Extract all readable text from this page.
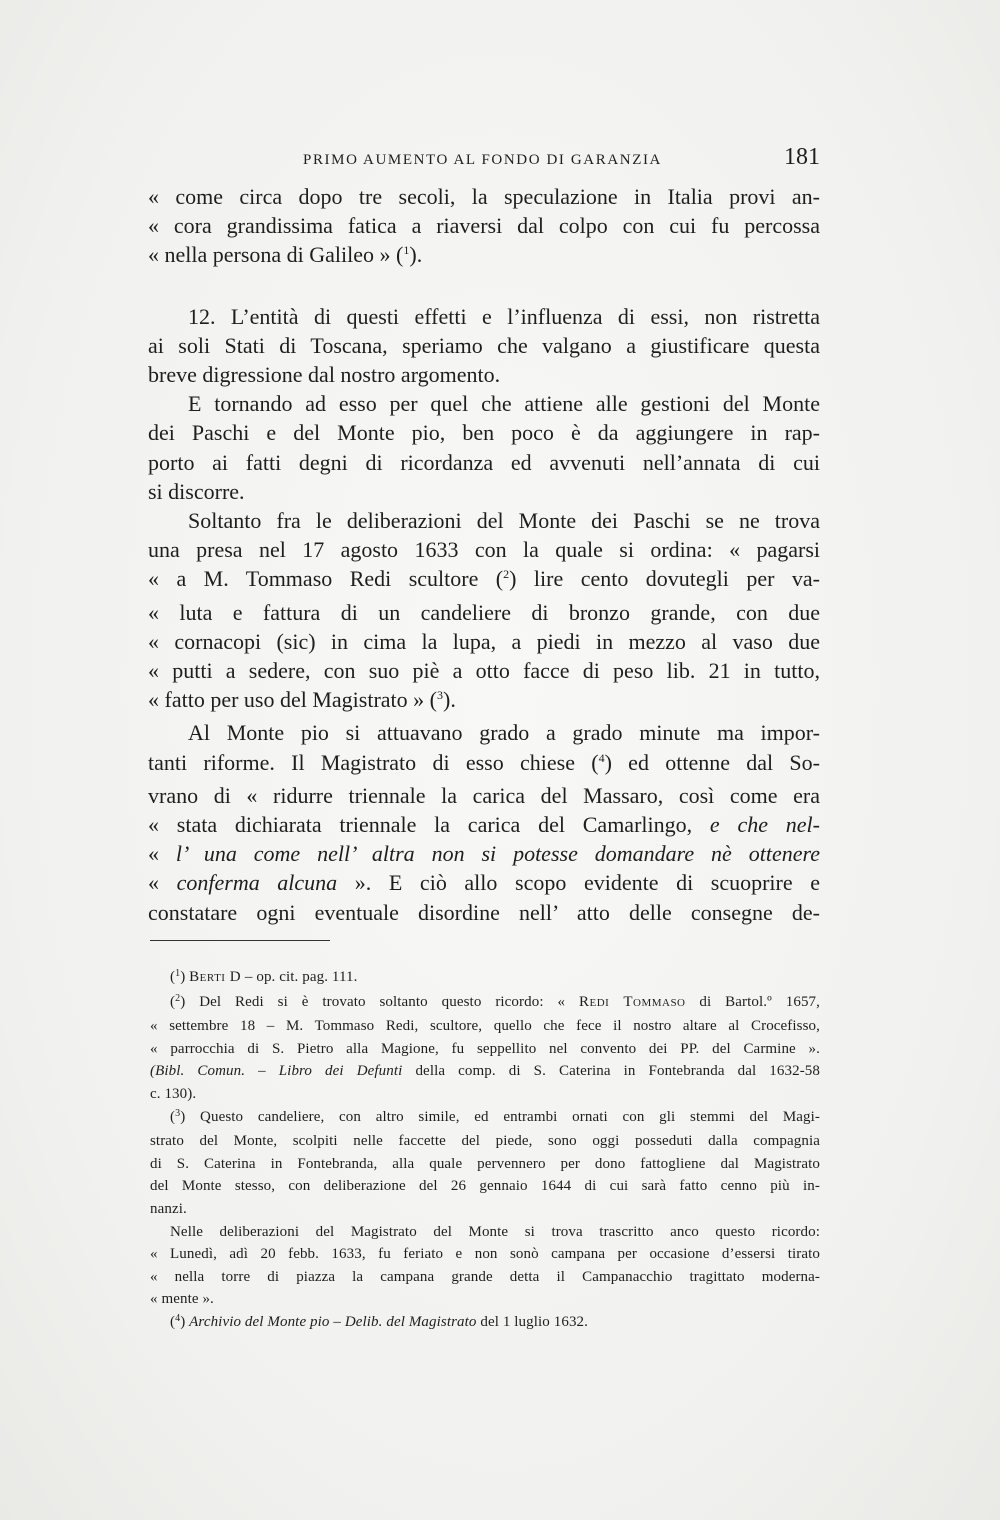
PRIMO AUMENTO AL FONDO DI GARANZIA	181
« come circa dopo tre secoli, la speculazione in Italia provi an-
« cora grandissima fatica a riaversi dal colpo con cui fu percossa
« nella persona di Galileo » ($^1$).
12. L’entità di questi effetti e l’influenza di essi, non ristretta
ai soli Stati di Toscana, speriamo che valgano a giustificare questa
breve digressione dal nostro argomento.
E tornando ad esso per quel che attiene alle gestioni del Monte
dei Paschi e del Monte pio, ben poco è da aggiungere in rap-
porto ai fatti degni di ricordanza ed avvenuti nell’annata di cui
si discorre.
Soltanto fra le deliberazioni del Monte dei Paschi se ne trova
una presa nel 17 agosto 1633 con la quale si ordina: « pagarsi
« a M. Tommaso Redi scultore ($^2$) lire cento dovutegli per va-
« luta e fattura di un candeliere di bronzo grande, con due
« cornacopi (sic) in cima la lupa, a piedi in mezzo al vaso due
« putti a sedere, con suo piè a otto facce di peso lib. 21 in tutto,
« fatto per uso del Magistrato » ($^3$).
Al Monte pio si attuavano grado a grado minute ma impor-
tanti riforme. Il Magistrato di esso chiese ($^4$) ed ottenne dal So-
vrano di « ridurre triennale la carica del Massaro, così come era
« stata dichiarata triennale la carica del Camarlingo, e che nel-
« l’ una come nell’ altra non si potesse domandare nè ottenere
« conferma alcuna ». E ciò allo scopo evidente di scuoprire e
constatare ogni eventuale disordine nell’ atto delle consegne de-
($^1$) Berti D – op. cit. pag. 111.
($^2$) Del Redi si è trovato soltanto questo ricordo: « Redi Tommaso di Bartol.º 1657,
« settembre 18 – M. Tommaso Redi, scultore, quello che fece il nostro altare al Crocefisso,
« parrocchia di S. Pietro alla Magione, fu seppellito nel convento dei PP. del Carmine ».
(Bibl. Comun. – Libro dei Defunti della comp. di S. Caterina in Fontebranda dal 1632-58
c. 130).
($^3$) Questo candeliere, con altro simile, ed entrambi ornati con gli stemmi del Magi-
strato del Monte, scolpiti nelle faccette del piede, sono oggi posseduti dalla compagnia
di S. Caterina in Fontebranda, alla quale pervennero per dono fattogliene dal Magistrato
del Monte stesso, con deliberazione del 26 gennaio 1644 di cui sarà fatto cenno più in-
nanzi.
Nelle deliberazioni del Magistrato del Monte si trova trascritto anco questo ricordo:
« Lunedì, adì 20 febb. 1633, fu feriato e non sonò campana per occasione d’essersi tirato
« nella torre di piazza la campana grande detta il Campanacchio tragittato moderna-
« mente ».
($^4$) Archivio del Monte pio – Delib. del Magistrato del 1 luglio 1632.
